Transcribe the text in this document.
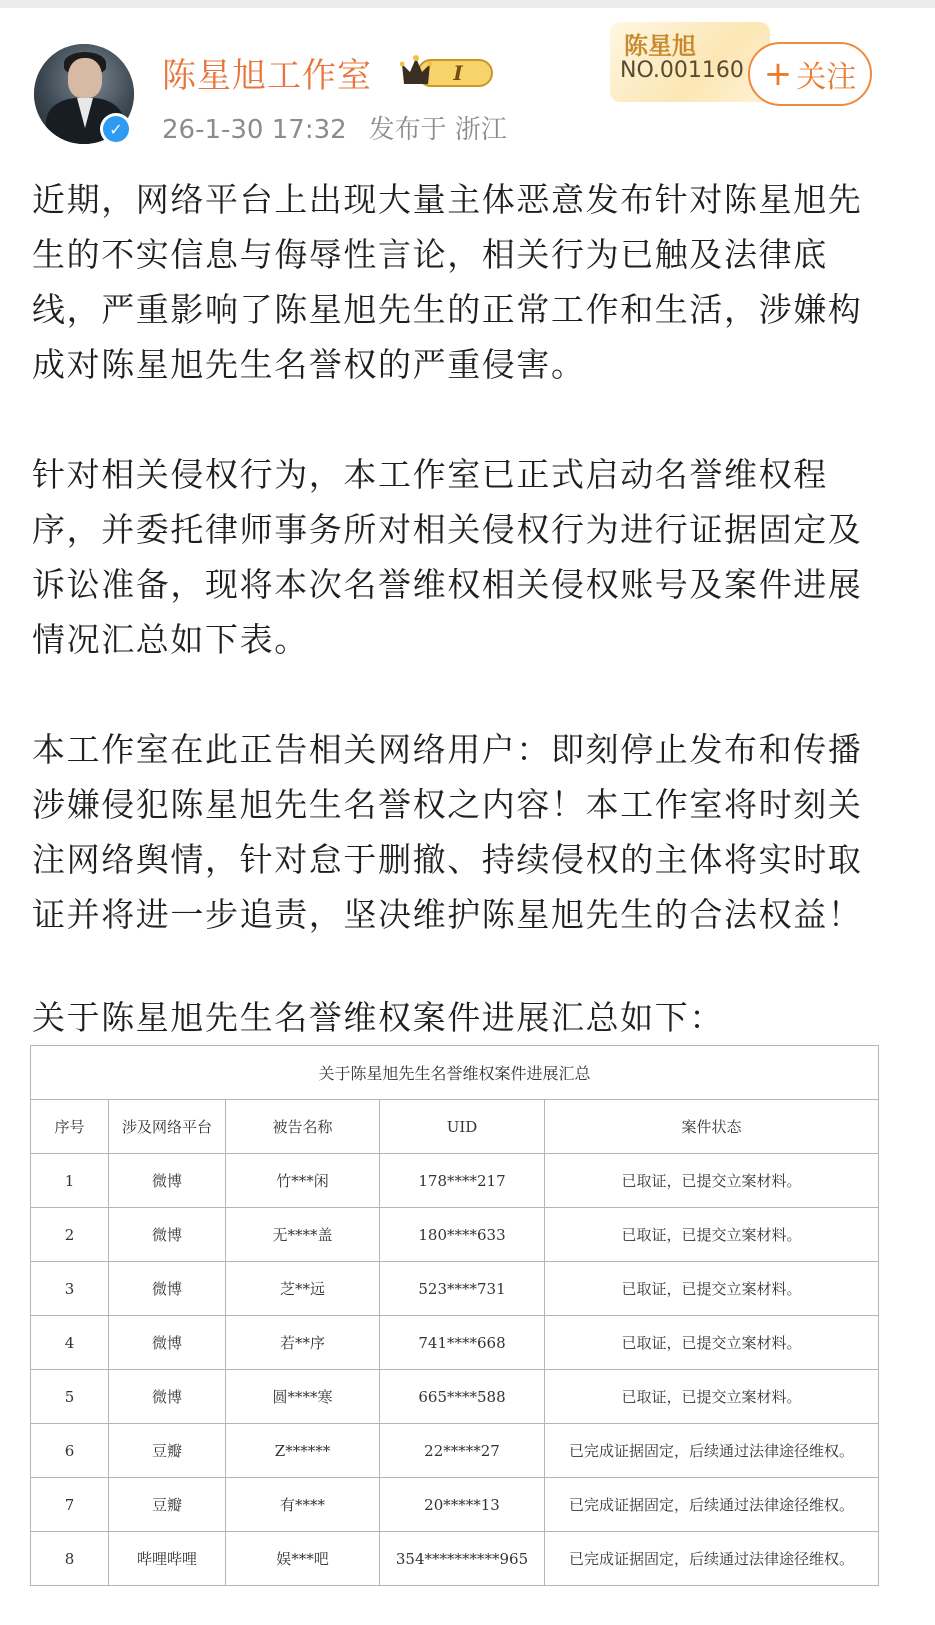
✓
陈星旭工作室	I
26-1-30 17:32 发布于 浙江
陈星旭
NO.001160 + 关注

近期，网络平台上出现大量主体恶意发布针对陈星旭先生的不实信息与侮辱性言论，相关行为已触及法律底线，严重影响了陈星旭先生的正常工作和生活，涉嫌构成对陈星旭先生名誉权的严重侵害。

针对相关侵权行为，本工作室已正式启动名誉维权程序，并委托律师事务所对相关侵权行为进行证据固定及诉讼准备，现将本次名誉维权相关侵权账号及案件进展情况汇总如下表。

本工作室在此正告相关网络用户：即刻停止发布和传播涉嫌侵犯陈星旭先生名誉权之内容！本工作室将时刻关注网络舆情，针对怠于删撤、持续侵权的主体将实时取证并将进一步追责，坚决维护陈星旭先生的合法权益！

关于陈星旭先生名誉维权案件进展汇总如下：
关于陈星旭先生名誉维权案件进展汇总				
序号	涉及网络平台	被告名称	UID	案件状态
1	微博	竹***闲	178****217	已取证，已提交立案材料。
2	微博	无****盖	180****633	已取证，已提交立案材料。
3	微博	芝**远	523****731	已取证，已提交立案材料。
4	微博	若**序	741****668	已取证，已提交立案材料。
5	微博	圆****寒	665****588	已取证，已提交立案材料。
6	豆瓣	Z******	22*****27	已完成证据固定，后续通过法律途径维权。
7	豆瓣	有****	20*****13	已完成证据固定，后续通过法律途径维权。
8	哔哩哔哩	娱***吧	354**********965	已完成证据固定，后续通过法律途径维权。
